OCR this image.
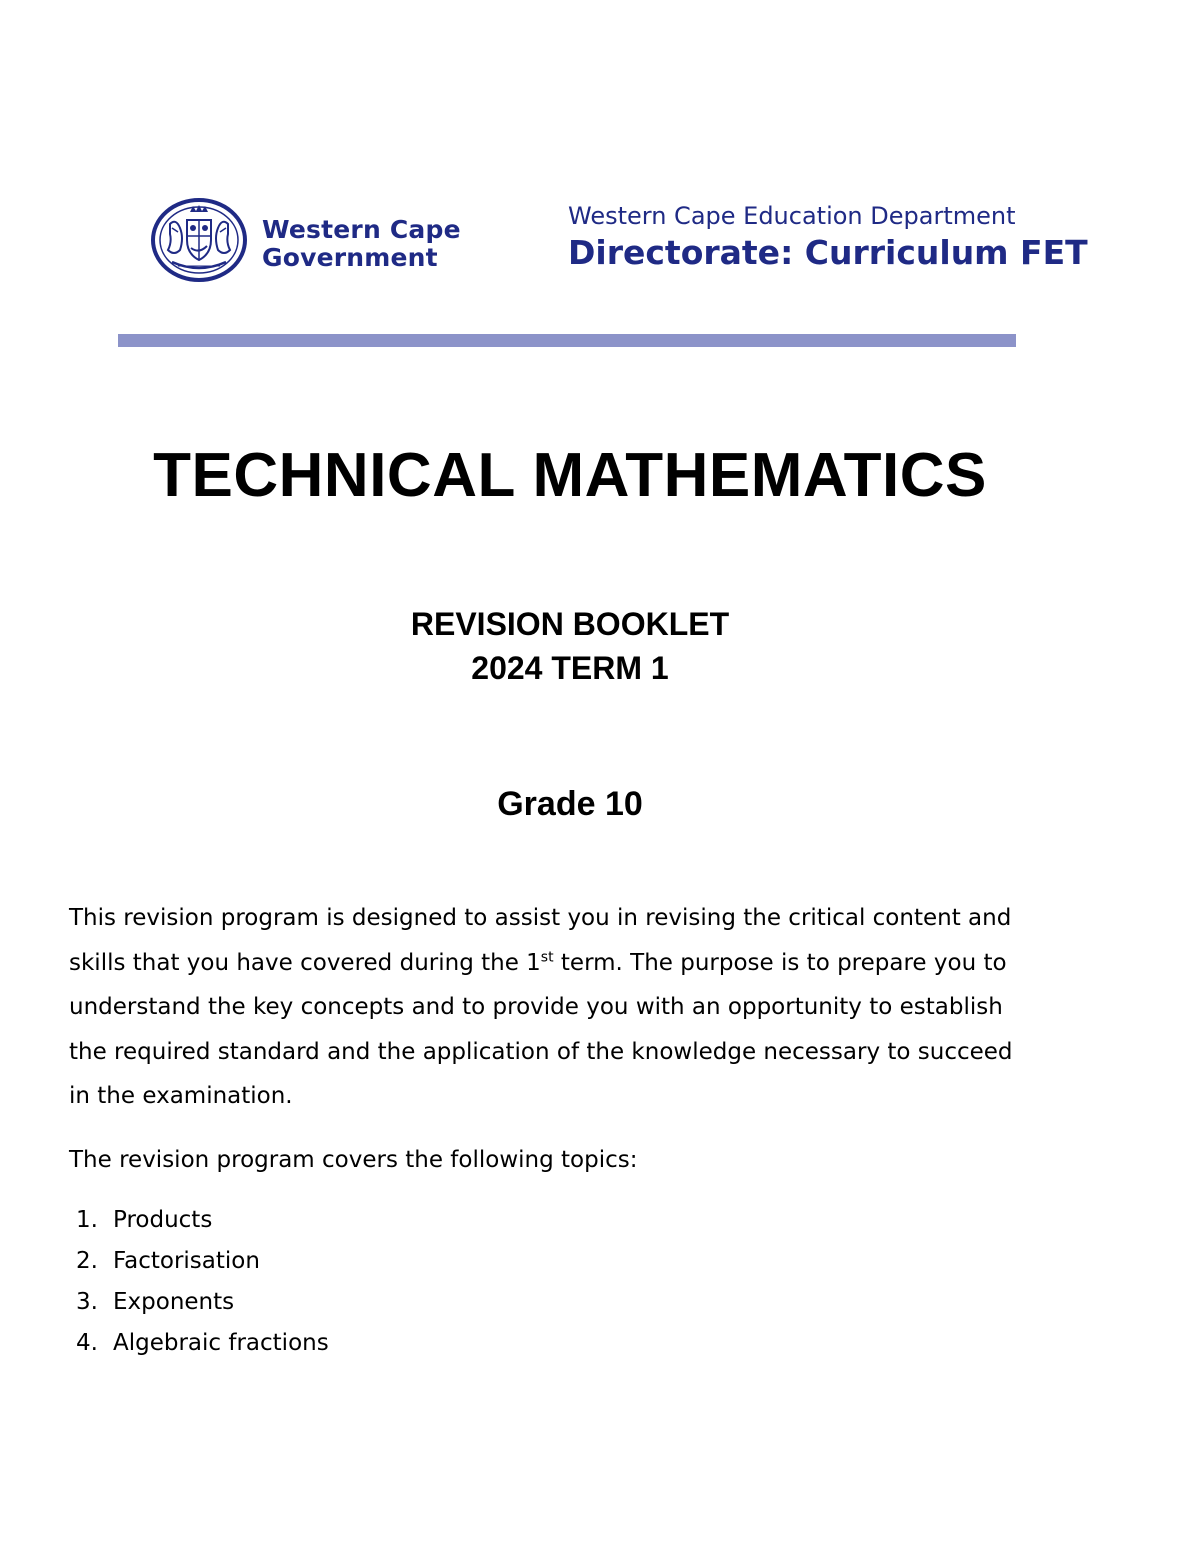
Western Cape
Government
Western Cape Education Department
Directorate: Curriculum FET
TECHNICAL MATHEMATICS
REVISION BOOKLET
2024 TERM 1
Grade 10
This revision program is designed to assist you in revising the critical content and
skills that you have covered during the 1st term. The purpose is to prepare you to
understand the key concepts and to provide you with an opportunity to establish
the required standard and the application of the knowledge necessary to succeed
in the examination.
The revision program covers the following topics:
1. Products
2. Factorisation
3. Exponents
4. Algebraic fractions
